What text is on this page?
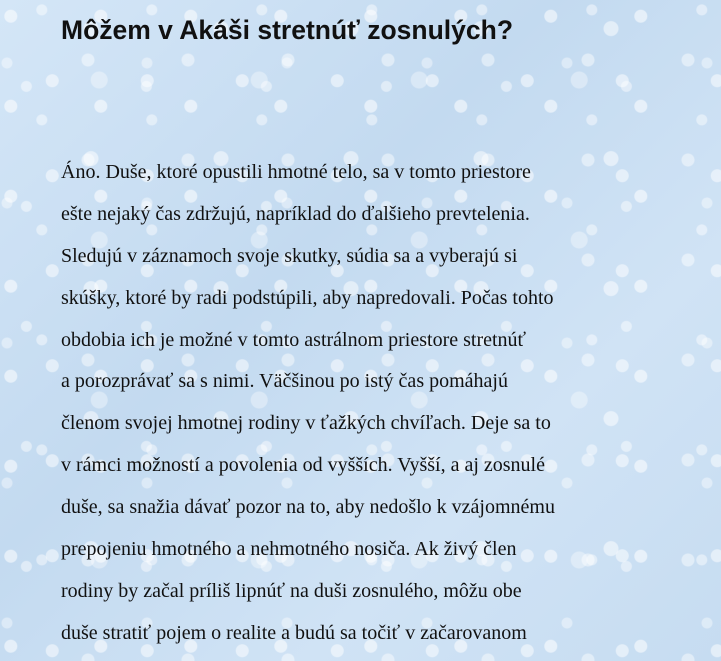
Môžem v Akáši stretnúť zosnulých?
Áno. Duše, ktoré opustili hmotné telo, sa v tomto priestore
ešte nejaký čas zdržujú, napríklad do ďalšieho prevtelenia.
Sledujú v záznamoch svoje skutky, súdia sa a vyberajú si
skúšky, ktoré by radi podstúpili, aby napredovali. Počas tohto
obdobia ich je možné v tomto astrálnom priestore stretnúť
a porozprávať sa s nimi. Väčšinou po istý čas pomáhajú
členom svojej hmotnej rodiny v ťažkých chvíľach. Deje sa to
v rámci možností a povolenia od vyšších. Vyšší, a aj zosnulé
duše, sa snažia dávať pozor na to, aby nedošlo k vzájomnému
prepojeniu hmotného a nehmotného nosiča. Ak živý člen
rodiny by začal príliš lipnúť na duši zosnulého, môžu obe
duše stratiť pojem o realite a budú sa točiť v začarovanom
